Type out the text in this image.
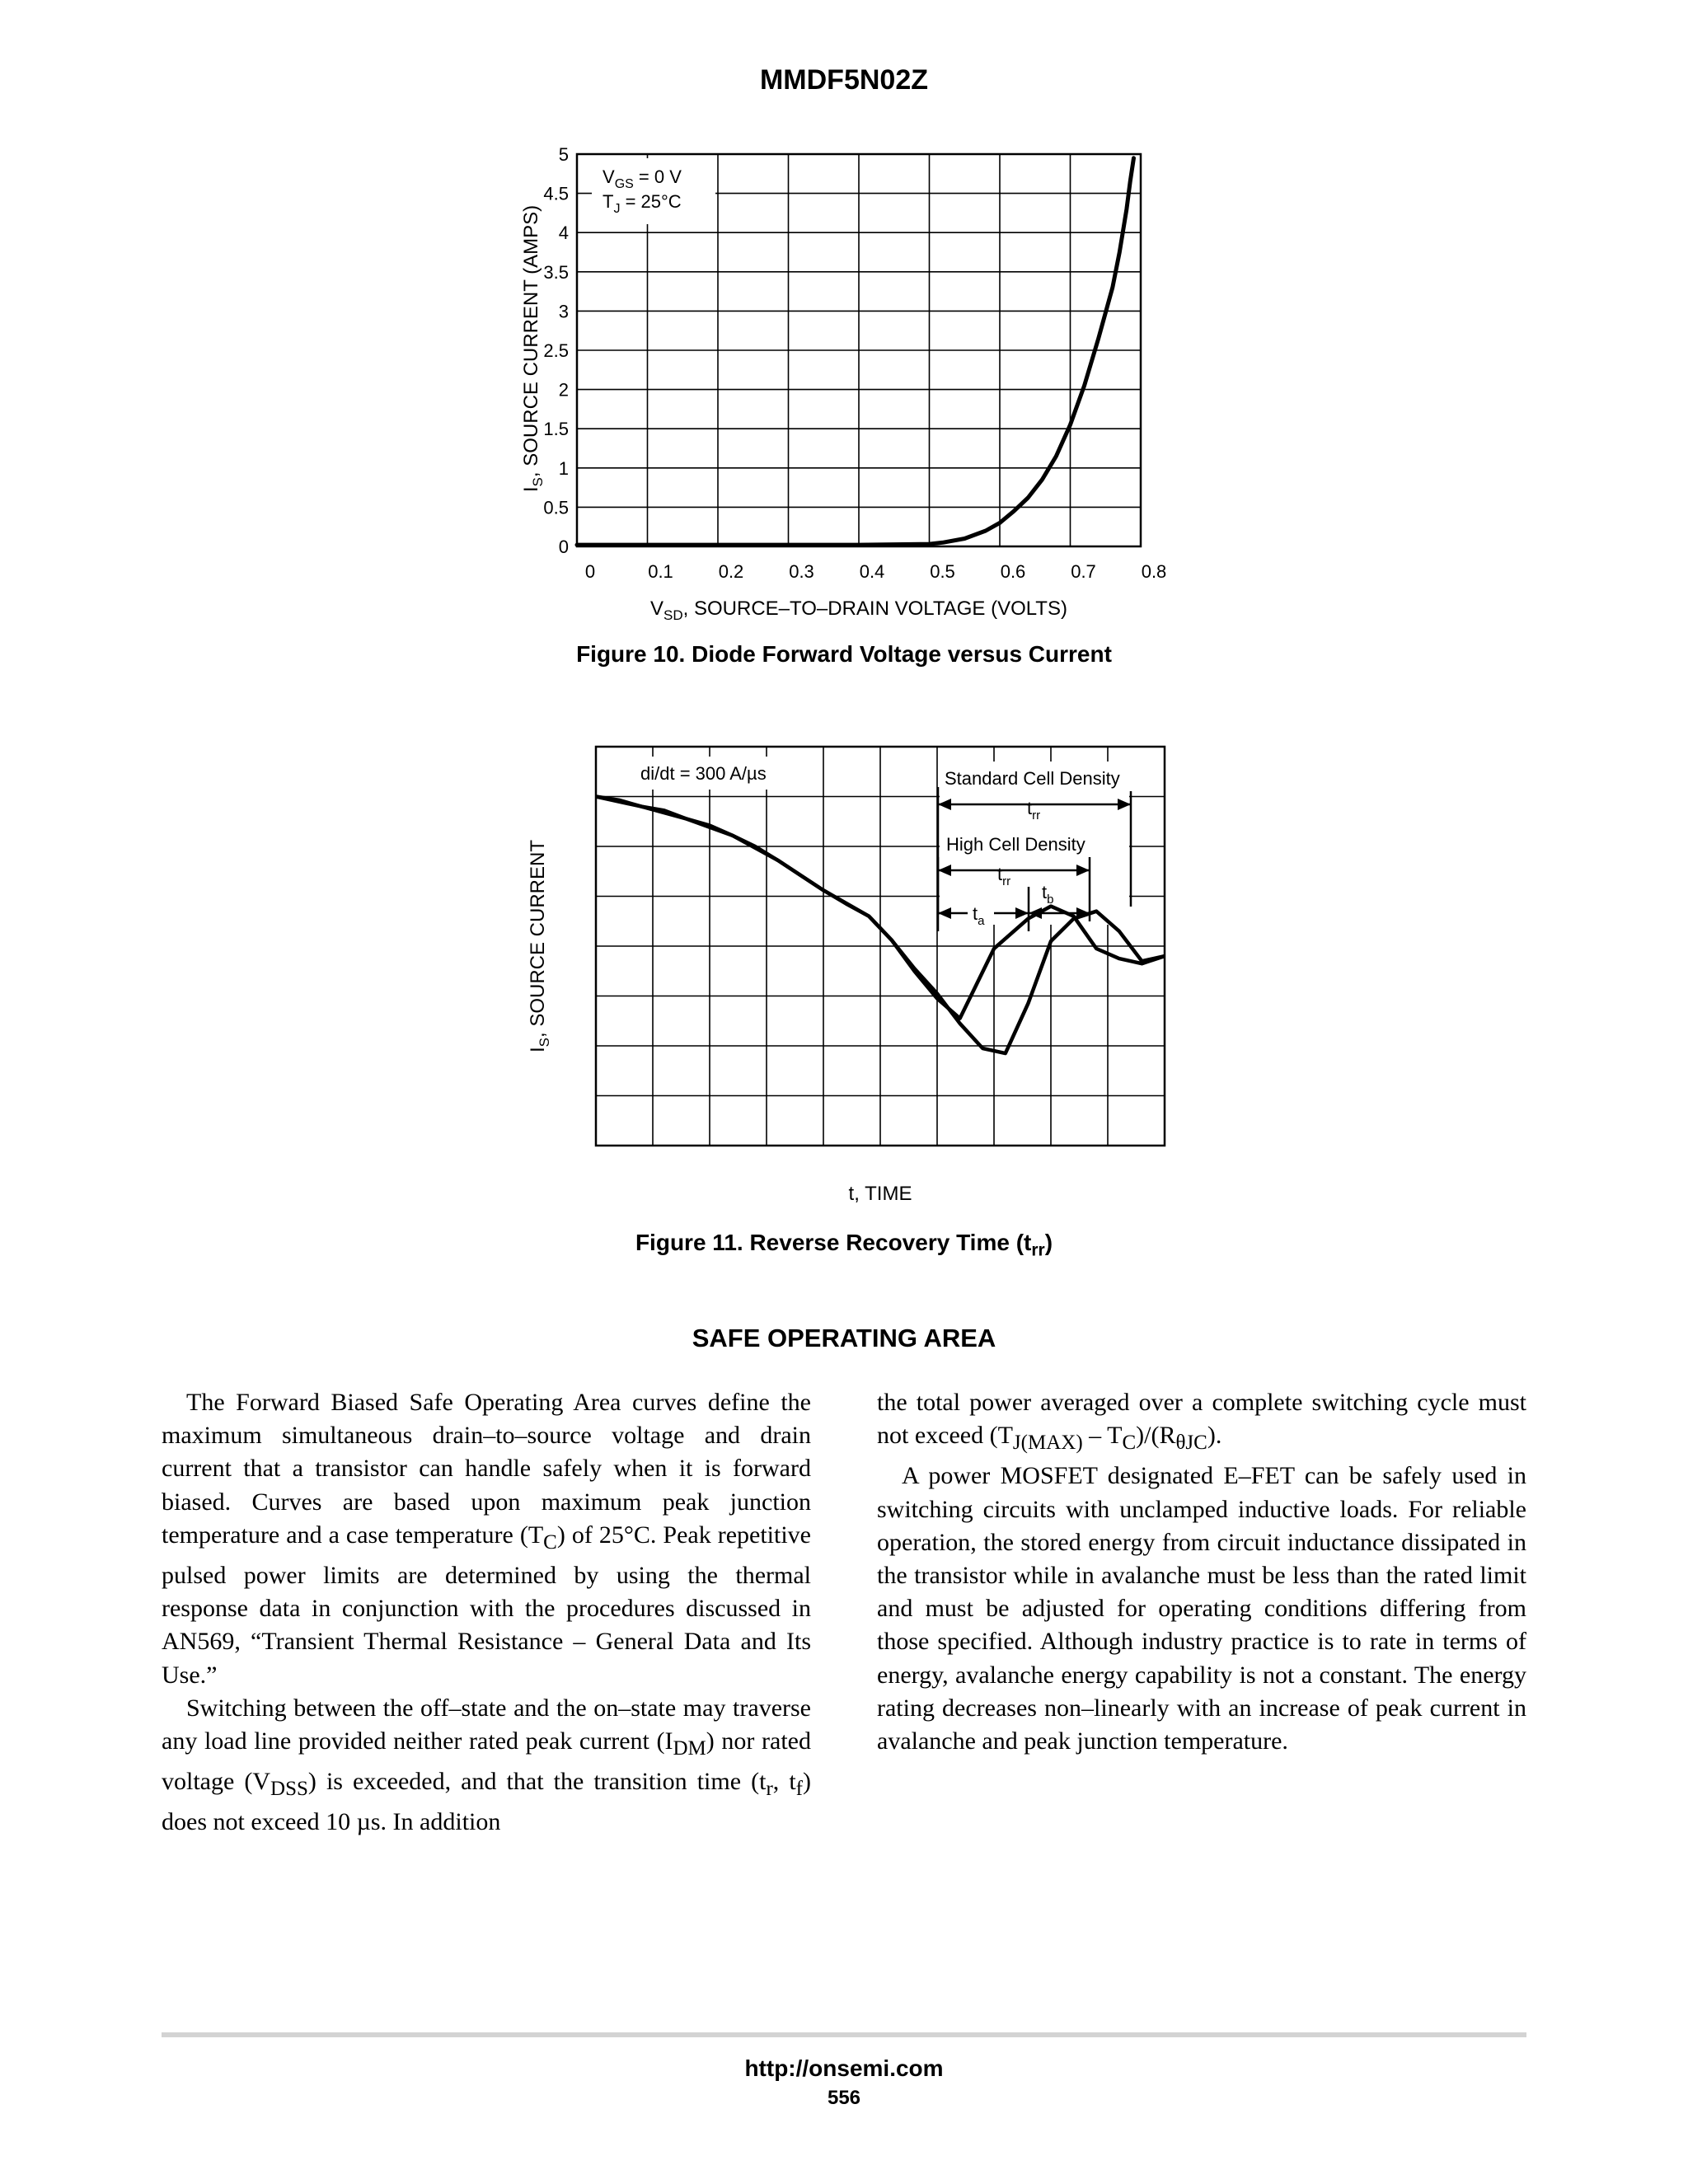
MMDF5N02Z
0
0.5
1
1.5
2
2.5
3
3.5
4
4.5
5
0	0.1 0.2 0.3 0.4 0.5 0.6 0.7 0.8
$V_{GS} = 0$ V
$T_J = 25^\circ C$
$I_S$, SOURCE CURRENT (AMPS)
$V_{SD}$, SOURCE–TO–DRAIN VOLTAGE (VOLTS)
Figure 10. Diode Forward Voltage versus Current
di/dt = 300 A/µs	Standard Cell Density
High Cell Density
$t_{rr}$
$t_{rr}$
$t_a$
$t_b$
$I_S$, SOURCE CURRENT
t, TIME
Figure 11. Reverse Recovery Time $(t_{rr})$
SAFE OPERATING AREA

The Forward Biased Safe Operating Area curves define the maximum simultaneous drain–to–source voltage and drain current that a transistor can handle safely when it is forward biased. Curves are based upon maximum peak junction temperature and a case temperature $(T_C)$ of 25°C. Peak repetitive pulsed power limits are determined by using the thermal response data in conjunction with the procedures discussed in AN569, “Transient Thermal Resistance – General Data and Its Use.”

Switching between the off–state and the on–state may traverse any load line provided neither rated peak current $(I_{DM})$ nor rated voltage $(V_{DSS})$ is exceeded, and that the transition time ($t_r$, $t_f$) does not exceed 10 µs. In addition

the total power averaged over a complete switching cycle must not exceed $(T_{J(MAX)} - T_C)/(R_{\theta JC})$.

A power MOSFET designated E–FET can be safely used in switching circuits with unclamped inductive loads. For reliable operation, the stored energy from circuit inductance dissipated in the transistor while in avalanche must be less than the rated limit and must be adjusted for operating conditions differing from those specified. Although industry practice is to rate in terms of energy, avalanche energy capability is not a constant. The energy rating decreases non–linearly with an increase of peak current in avalanche and peak junction temperature.

http://onsemi.com
556
